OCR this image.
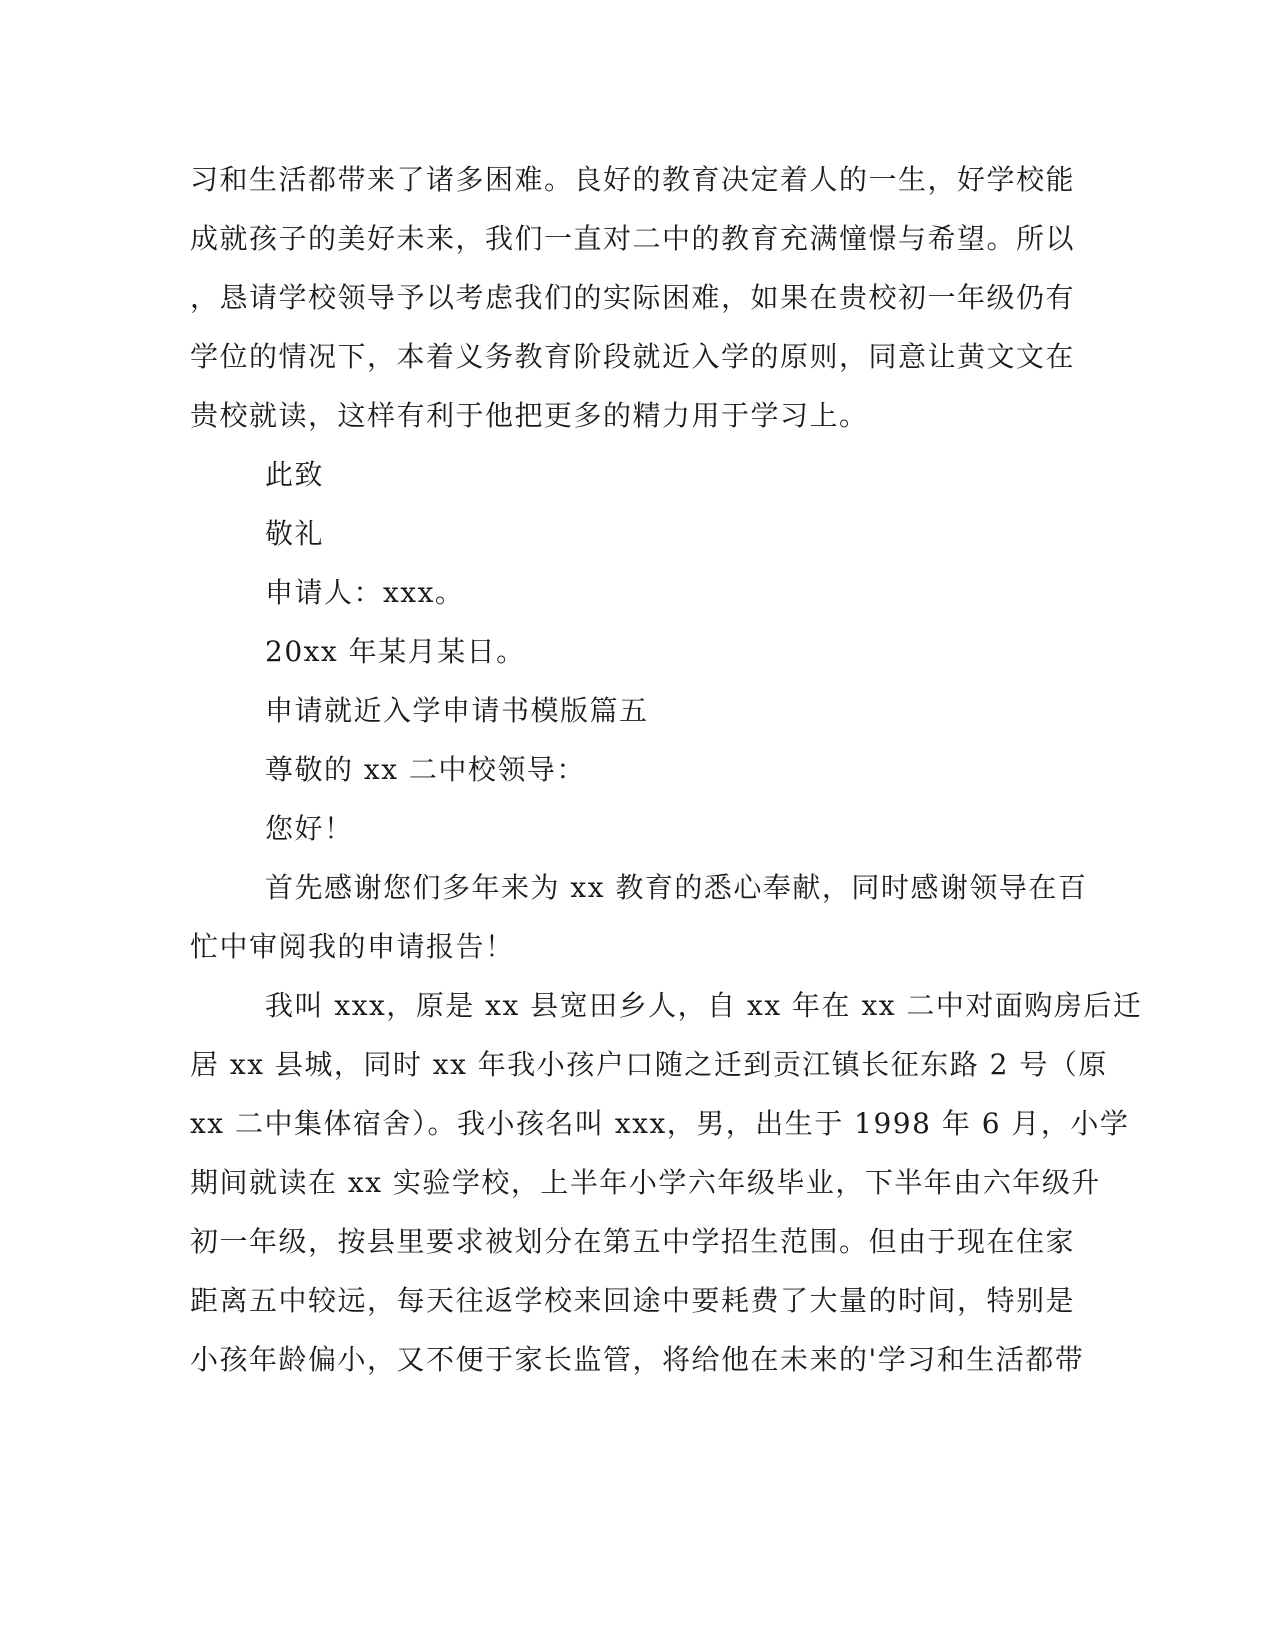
习和生活都带来了诸多困难。良好的教育决定着人的一生，好学校能
成就孩子的美好未来，我们一直对二中的教育充满憧憬与希望。所以
，恳请学校领导予以考虑我们的实际困难，如果在贵校初一年级仍有
学位的情况下，本着义务教育阶段就近入学的原则，同意让黄文文在
贵校就读，这样有利于他把更多的精力用于学习上。
此致
敬礼
申请人：xxx。
20xx 年某月某日。
申请就近入学申请书模版篇五
尊敬的 xx 二中校领导：
您好！
首先感谢您们多年来为 xx 教育的悉心奉献，同时感谢领导在百
忙中审阅我的申请报告！
我叫 xxx，原是 xx 县宽田乡人，自 xx 年在 xx 二中对面购房后迁
居 xx 县城，同时 xx 年我小孩户口随之迁到贡江镇长征东路 2 号（原
xx 二中集体宿舍）。我小孩名叫 xxx，男，出生于 1998 年 6 月，小学
期间就读在 xx 实验学校，上半年小学六年级毕业，下半年由六年级升
初一年级，按县里要求被划分在第五中学招生范围。但由于现在住家
距离五中较远，每天往返学校来回途中要耗费了大量的时间，特别是
小孩年龄偏小，又不便于家长监管，将给他在未来的'学习和生活都带
